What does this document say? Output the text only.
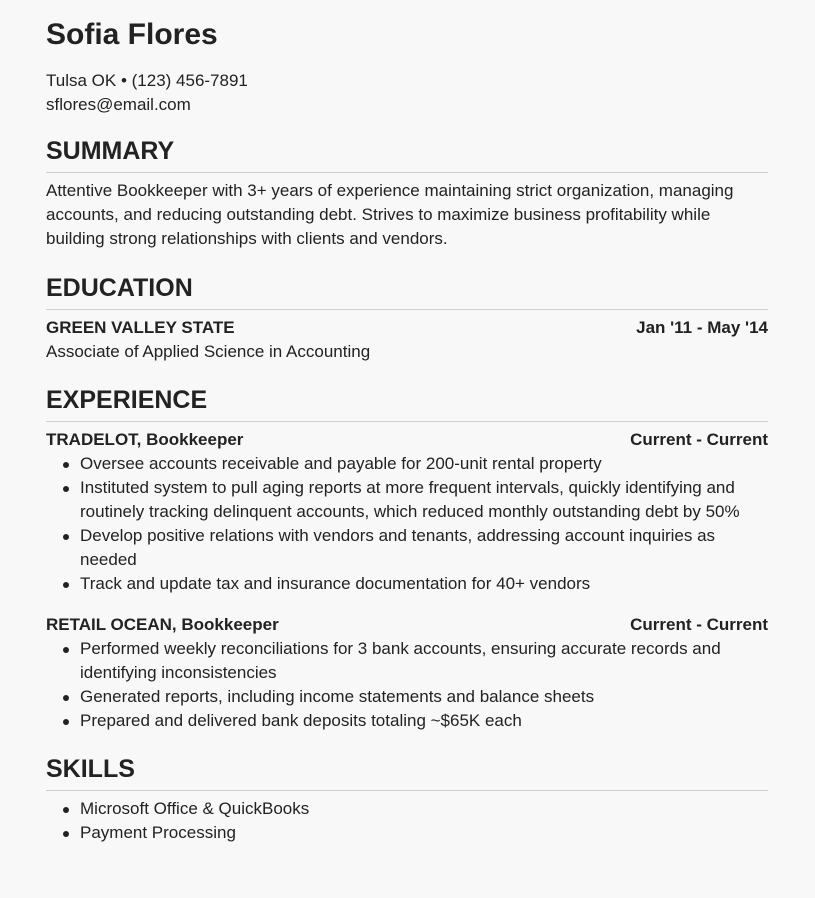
Sofia Flores
Tulsa OK • (123) 456-7891
sflores@email.com
SUMMARY

Attentive Bookkeeper with 3+ years of experience maintaining strict organization, managing accounts, and reducing outstanding debt. Strives to maximize business profitability while building strong relationships with clients and vendors.

EDUCATION
GREEN VALLEY STATE	Jan '11 - May '14
Associate of Applied Science in Accounting
EXPERIENCE
TRADELOT, Bookkeeper	Current - Current
Oversee accounts receivable and payable for 200-unit rental property
Instituted system to pull aging reports at more frequent intervals, quickly identifying and routinely tracking delinquent accounts, which reduced monthly outstanding debt by 50%
Develop positive relations with vendors and tenants, addressing account inquiries as needed
Track and update tax and insurance documentation for 40+ vendors
RETAIL OCEAN, Bookkeeper	Current - Current
Performed weekly reconciliations for 3 bank accounts, ensuring accurate records and identifying inconsistencies
Generated reports, including income statements and balance sheets
Prepared and delivered bank deposits totaling ~$65K each
SKILLS
Microsoft Office & QuickBooks
Payment Processing
